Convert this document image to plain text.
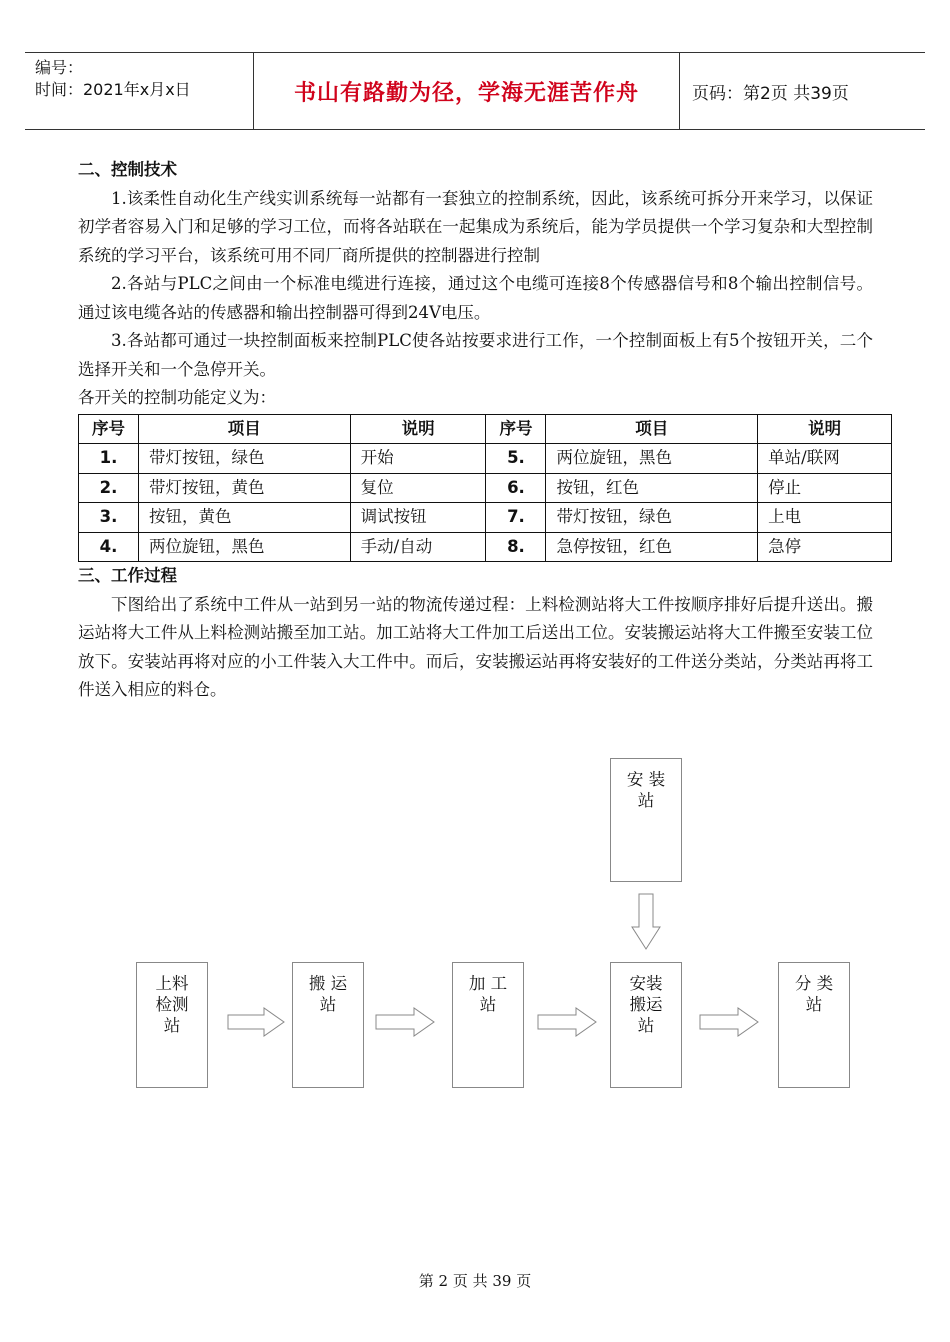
编号：
时间：2021年x月x日	书山有路勤为径，学海无涯苦作舟	页码：第2页 共39页

二、控制技术

1.该柔性自动化生产线实训系统每一站都有一套独立的控制系统，因此，该系统可拆分开来学习，以保证初学者容易入门和足够的学习工位，而将各站联在一起集成为系统后，能为学员提供一个学习复杂和大型控制系统的学习平台，该系统可用不同厂商所提供的控制器进行控制

2.各站与PLC之间由一个标准电缆进行连接，通过这个电缆可连接8个传感器信号和8个输出控制信号。通过该电缆各站的传感器和输出控制器可得到24V电压。

3.各站都可通过一块控制面板来控制PLC使各站按要求进行工作，一个控制面板上有5个按钮开关，二个选择开关和一个急停开关。

各开关的控制功能定义为：

序号	项目	说明	序号	项目	说明
1.	带灯按钮，绿色	开始	5.	两位旋钮，黑色	单站/联网
2.	带灯按钮，黄色	复位	6.	按钮，红色	停止
3.	按钮，黄色	调试按钮	7.	带灯按钮，绿色	上电
4.	两位旋钮，黑色	手动/自动	8.	急停按钮，红色	急停

三、工作过程

下图给出了系统中工件从一站到另一站的物流传递过程：上料检测站将大工件按顺序排好后提升送出。搬运站将大工件从上料检测站搬至加工站。加工站将大工件加工后送出工位。安装搬运站将大工件搬至安装工位放下。安装站再将对应的小工件装入大工件中。而后，安装搬运站再将安装好的工件送分类站，分类站再将工件送入相应的料仓。

安 装
站
上料
检测
站
搬 运
站
加 工
站
安装
搬运
站
分 类
站
第 2 页 共 39 页
